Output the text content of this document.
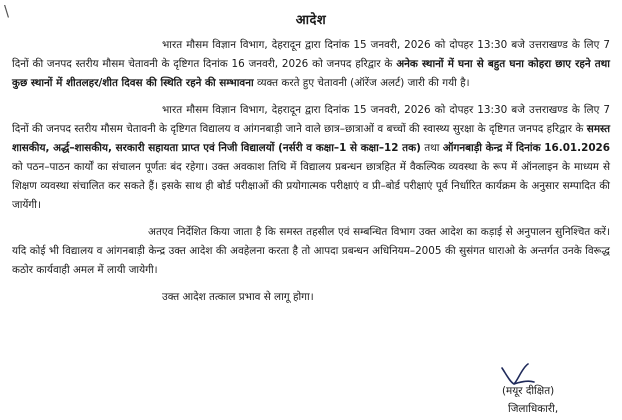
\
आदेश

भारत मौसम विज्ञान विभाग, देहरादून द्वारा दिनांक 15 जनवरी, 2026 को दोपहर 13:30 बजे उत्तराखण्ड के लिए 7 दिनों की जनपद स्तरीय मौसम चेतावनी के दृष्टिगत दिनांक 16 जनवरी, 2026 को जनपद हरिद्वार के अनेक स्थानों में घना से बहुत घना कोहरा छाए रहने तथा कुछ स्थानों में शीतलहर/शीत दिवस की स्थिति रहने की सम्भावना व्यक्त करते हुए चेतावनी (ऑरेंज अलर्ट) जारी की गयी है।

भारत मौसम विज्ञान विभाग, देहरादून द्वारा दिनांक 15 जनवरी, 2026 को दोपहर 13:30 बजे उत्तराखण्ड के लिए 7 दिनों की जनपद स्तरीय मौसम चेतावनी के दृष्टिगत विद्यालय व आंगनबाड़ी जाने वाले छात्र–छात्राओं व बच्चों की स्वास्थ्य सुरक्षा के दृष्टिगत जनपद हरिद्वार के समस्त शासकीय, अर्द्ध–शासकीय, सरकारी सहायता प्राप्त एवं निजी विद्यालयों (नर्सरी व कक्षा–1 से कक्षा–12 तक) तथा ऑगनबाड़ी केन्द्र में दिनांक 16.01.2026 को पठन–पाठन कार्यों का संचालन पूर्णतः बंद रहेगा। उक्त अवकाश तिथि में विद्यालय प्रबन्धन छात्रहित में वैकल्पिक व्यवस्था के रूप में ऑनलाइन के माध्यम से शिक्षण व्यवस्था संचालित कर सकते हैं। इसके साथ ही बोर्ड परीक्षाओं की प्रयोगात्मक परीक्षाएं व प्री–बोर्ड परीक्षाएं पूर्व निर्धारित कार्यक्रम के अनुसार सम्पादित की जायेंगी।

अतएव निर्देशित किया जाता है कि समस्त तहसील एवं सम्बन्धित विभाग उक्त आदेश का कड़ाई से अनुपालन सुनिश्चित करें। यदि कोई भी विद्यालय व आंगनबाड़ी केन्द्र उक्त आदेश की अवहेलना करता है तो आपदा प्रबन्धन अधिनियम–2005 की सुसंगत धाराओ के अन्तर्गत उनके विरूद्ध कठोर कार्यवाही अमल में लायी जायेगी।

उक्त आदेश तत्काल प्रभाव से लागू होगा।

(मयूर दीक्षित)
जिलाधिकारी,
